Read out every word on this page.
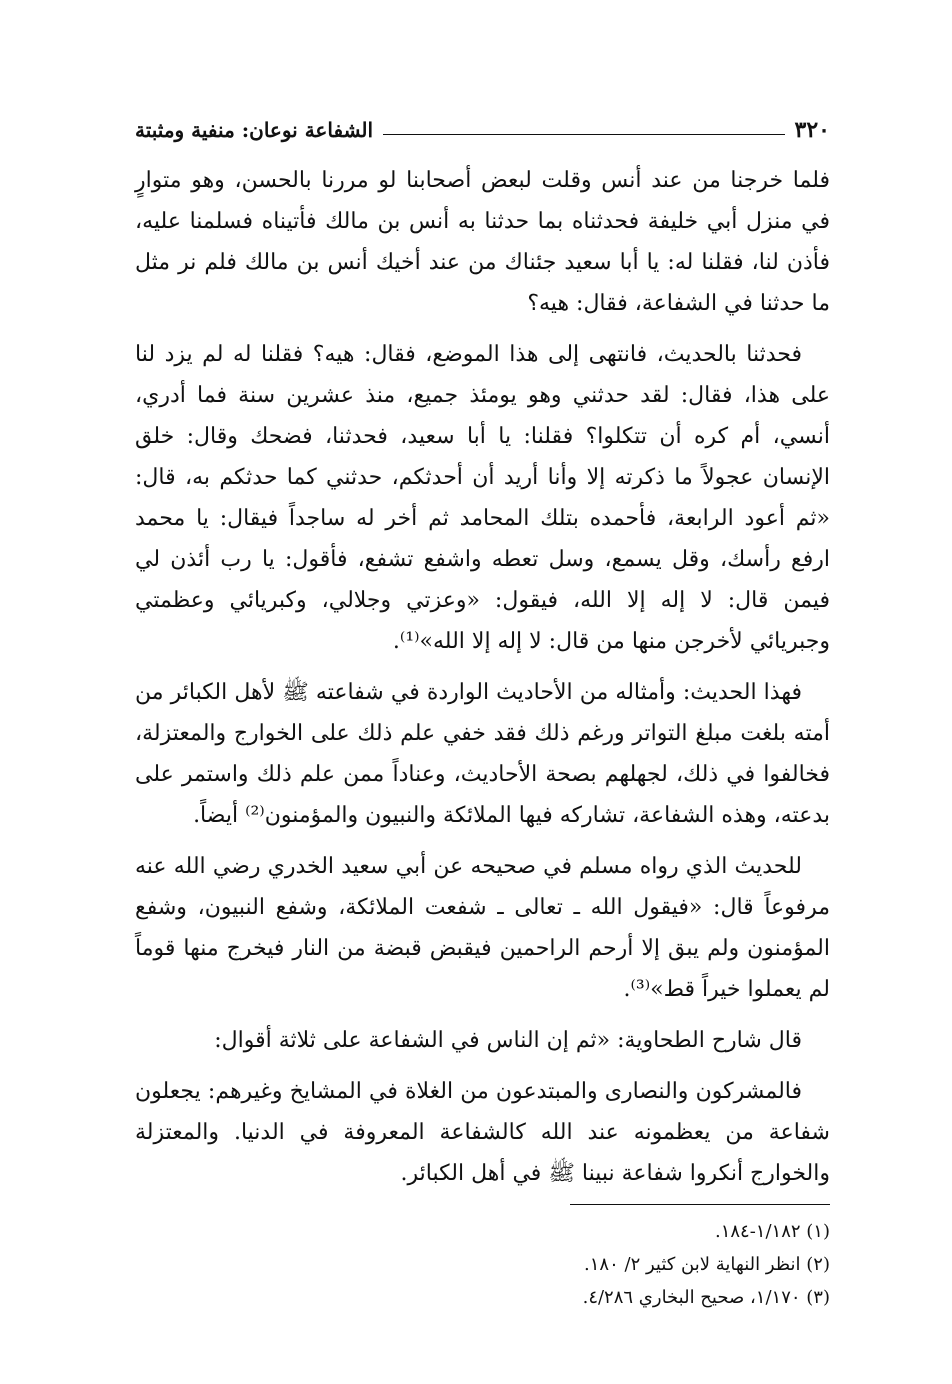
٣٢٠
الشفاعة نوعان: منفية ومثبتة

فلما خرجنا من عند أنس وقلت لبعض أصحابنا لو مررنا بالحسن، وهو متوارٍ في منزل أبي خليفة فحدثناه بما حدثنا به أنس بن مالك فأتيناه فسلمنا عليه، فأذن لنا، فقلنا له: يا أبا سعيد جئناك من عند أخيك أنس بن مالك فلم نر مثل ما حدثنا في الشفاعة، فقال: هيه؟

فحدثنا بالحديث، فانتهى إلى هذا الموضع، فقال: هيه؟ فقلنا له لم يزد لنا على هذا، فقال: لقد حدثني وهو يومئذ جميع، منذ عشرين سنة فما أدري، أنسي، أم كره أن تتكلوا؟ فقلنا: يا أبا سعيد، فحدثنا، فضحك وقال: خلق الإنسان عجولاً ما ذكرته إلا وأنا أريد أن أحدثكم، حدثني كما حدثكم به، قال: «ثم أعود الرابعة، فأحمده بتلك المحامد ثم أخر له ساجداً فيقال: يا محمد ارفع رأسك، وقل يسمع، وسل تعطه واشفع تشفع، فأقول: يا رب أئذن لي فيمن قال: لا إله إلا الله، فيقول: «وعزتي وجلالي، وكبريائي وعظمتي وجبريائي لأخرجن منها من قال: لا إله إلا الله»⁽¹⁾.

فهذا الحديث: وأمثاله من الأحاديث الواردة في شفاعته ﷺ لأهل الكبائر من أمته بلغت مبلغ التواتر ورغم ذلك فقد خفي علم ذلك على الخوارج والمعتزلة، فخالفوا في ذلك، لجهلهم بصحة الأحاديث، وعناداً ممن علم ذلك واستمر على بدعته، وهذه الشفاعة، تشاركه فيها الملائكة والنبيون والمؤمنون⁽²⁾ أيضاً.

للحديث الذي رواه مسلم في صحيحه عن أبي سعيد الخدري رضي الله عنه مرفوعاً قال: «فيقول الله ـ تعالى ـ شفعت الملائكة، وشفع النبيون، وشفع المؤمنون ولم يبق إلا أرحم الراحمين فيقبض قبضة من النار فيخرج منها قوماً لم يعملوا خيراً قط»⁽³⁾.

قال شارح الطحاوية: «ثم إن الناس في الشفاعة على ثلاثة أقوال:

فالمشركون والنصارى والمبتدعون من الغلاة في المشايخ وغيرهم: يجعلون شفاعة من يعظمونه عند الله كالشفاعة المعروفة في الدنيا. والمعتزلة والخوارج أنكروا شفاعة نبينا ﷺ في أهل الكبائر.

(١) ١/١٨٢-١٨٤.

(٢) انظر النهاية لابن كثير ٢/ ١٨٠.

(٣) ١/١٧٠، صحيح البخاري ٤/٢٨٦.
